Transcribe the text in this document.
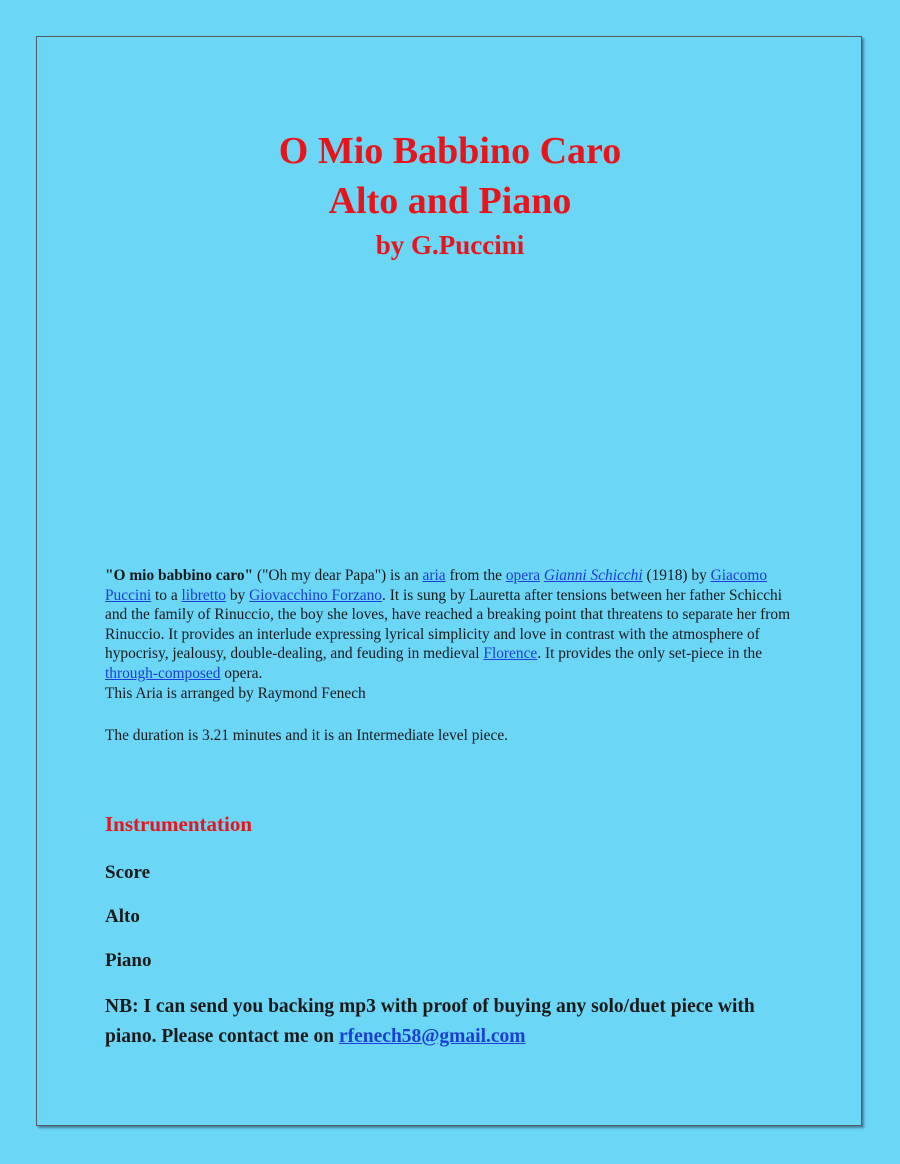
O Mio Babbino Caro
Alto and Piano
by G.Puccini

"O mio babbino caro" ("Oh my dear Papa") is an aria from the opera Gianni Schicchi (1918) by Giacomo Puccini to a libretto by Giovacchino Forzano. It is sung by Lauretta after tensions between her father Schicchi and the family of Rinuccio, the boy she loves, have reached a breaking point that threatens to separate her from Rinuccio. It provides an interlude expressing lyrical simplicity and love in contrast with the atmosphere of hypocrisy, jealousy, double-dealing, and feuding in medieval Florence. It provides the only set-piece in the through-composed opera.

This Aria is arranged by Raymond Fenech

The duration is 3.21 minutes and it is an Intermediate level piece.
Instrumentation
Score
Alto
Piano
NB: I can send you backing mp3 with proof of buying any solo/duet piece with piano. Please contact me on rfenech58@gmail.com
